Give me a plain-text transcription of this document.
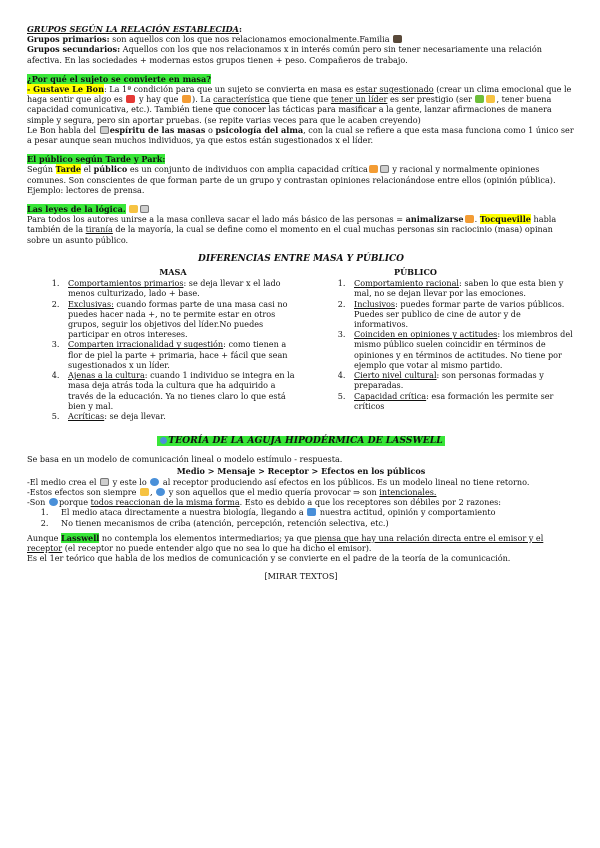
GRUPOS SEGÚN LA RELACIÓN ESTABLECIDA:

Grupos primarios: son aquellos con los que nos relacionamos emocionalmente.Familia

Grupos secundarios: Aquellos con los que nos relacionamos x in interés común pero sin tener necesariamente una relación afectiva. En las sociedades + modernas estos grupos tienen + peso. Compañeros de trabajo.

¿Por qué el sujeto se convierte en masa?

- Gustave Le Bon: La 1ª condición para que un sujeto se convierta en masa es estar sugestionado (crear un clima emocional que le haga sentir que algo es  y hay que ). La característica que tiene que tener un líder es ser prestigio (ser	, tener buena capacidad comunicativa, etc.). También tiene que conocer las tácticas para masificar a la gente, lanzar afirmaciones de manera simple y segura, pero sin aportar pruebas. (se repite varias veces para que le acaben creyendo)

Le Bon habla del espíritu de las masas o psicología del alma, con la cual se refiere a que esta masa funciona como 1 único ser a pesar aunque sean muchos individuos, ya que estos están sugestionados x el líder.

El público según Tarde y Park:

Según Tarde el público es un conjunto de individuos con amplia capacidad crítica	y racional y normalmente opiniones comunes. Son conscientes de que forman parte de un grupo y contrastan opiniones relacionándose entre ellos (opinión pública). Ejemplo: lectores de prensa.

Las leyes de la lógica.

Para todos los autores unirse a la masa conlleva sacar el lado más básico de las personas = animalizarse . Tocqueville habla también de la tiranía de la mayoría, la cual se define como el momento en el cual muchas personas sin raciocinio (masa) opinan sobre un asunto público.

DIFERENCIAS ENTRE MASA Y PÚBLICO

MASA
1. Comportamientos primarios: se deja llevar x el lado menos culturizado, lado + base.
2. Exclusivas: cuando formas parte de una masa casi no puedes hacer nada +, no te permite estar en otros grupos, seguir los objetivos del líder.No puedes participar en otros intereses.
3. Comparten irracionalidad y sugestión: como tienen a flor de piel la parte + primaria, hace + fácil que sean sugestionados x un líder.
4. Ajenas a la cultura: cuando 1 individuo se integra en la masa deja atrás toda la cultura que ha adquirido a través de la educación. Ya no tienes claro lo que está bien y mal.
5. Acríticas: se deja llevar.
PÚBLICO
1. Comportamiento racional: saben lo que esta bien y mal, no se dejan llevar por las emociones.
2. Inclusivos: puedes formar parte de varios públicos. Puedes ser publico de cine de autor y de informativos.
3. Coinciden en opiniones y actitudes: los miembros del mismo público suelen coincidir en términos de opiniones y en términos de actitudes. No tiene por ejemplo que votar al mismo partido.
4. Cierto nivel cultural: son personas formadas y preparadas.
5. Capacidad crítica: esa formación les permite ser críticos
TEORÍA DE LA AGUJA HIPODÉRMICA DE LASSWELL

Se basa en un modelo de comunicación lineal o modelo estímulo - respuesta.

Medio > Mensaje > Receptor > Efectos en los públicos

-El medio crea el  y este lo  al receptor produciendo así efectos en los públicos. Es un modelo lineal no tiene retorno.

-Estos efectos son siempre ,  y son aquellos que el medio quería provocar ⇒ son intencionales.

-Son porque todos reaccionan de la misma forma. Esto es debido a que los receptores son débiles por 2 razones:

1. El medio ataca directamente a nuestra biología, llegando a  nuestra actitud, opinión y comportamiento
2. No tienen mecanismos de criba (atención, percepción, retención selectiva, etc.)

Aunque Lasswell no contempla los elementos intermediarios; ya que piensa que hay una relación directa entre el emisor y el receptor (el receptor no puede entender algo que no sea lo que ha dicho el emisor).

Es el 1er teórico que habla de los medios de comunicación y se convierte en el padre de la teoría de la comunicación.

[MIRAR TEXTOS]
